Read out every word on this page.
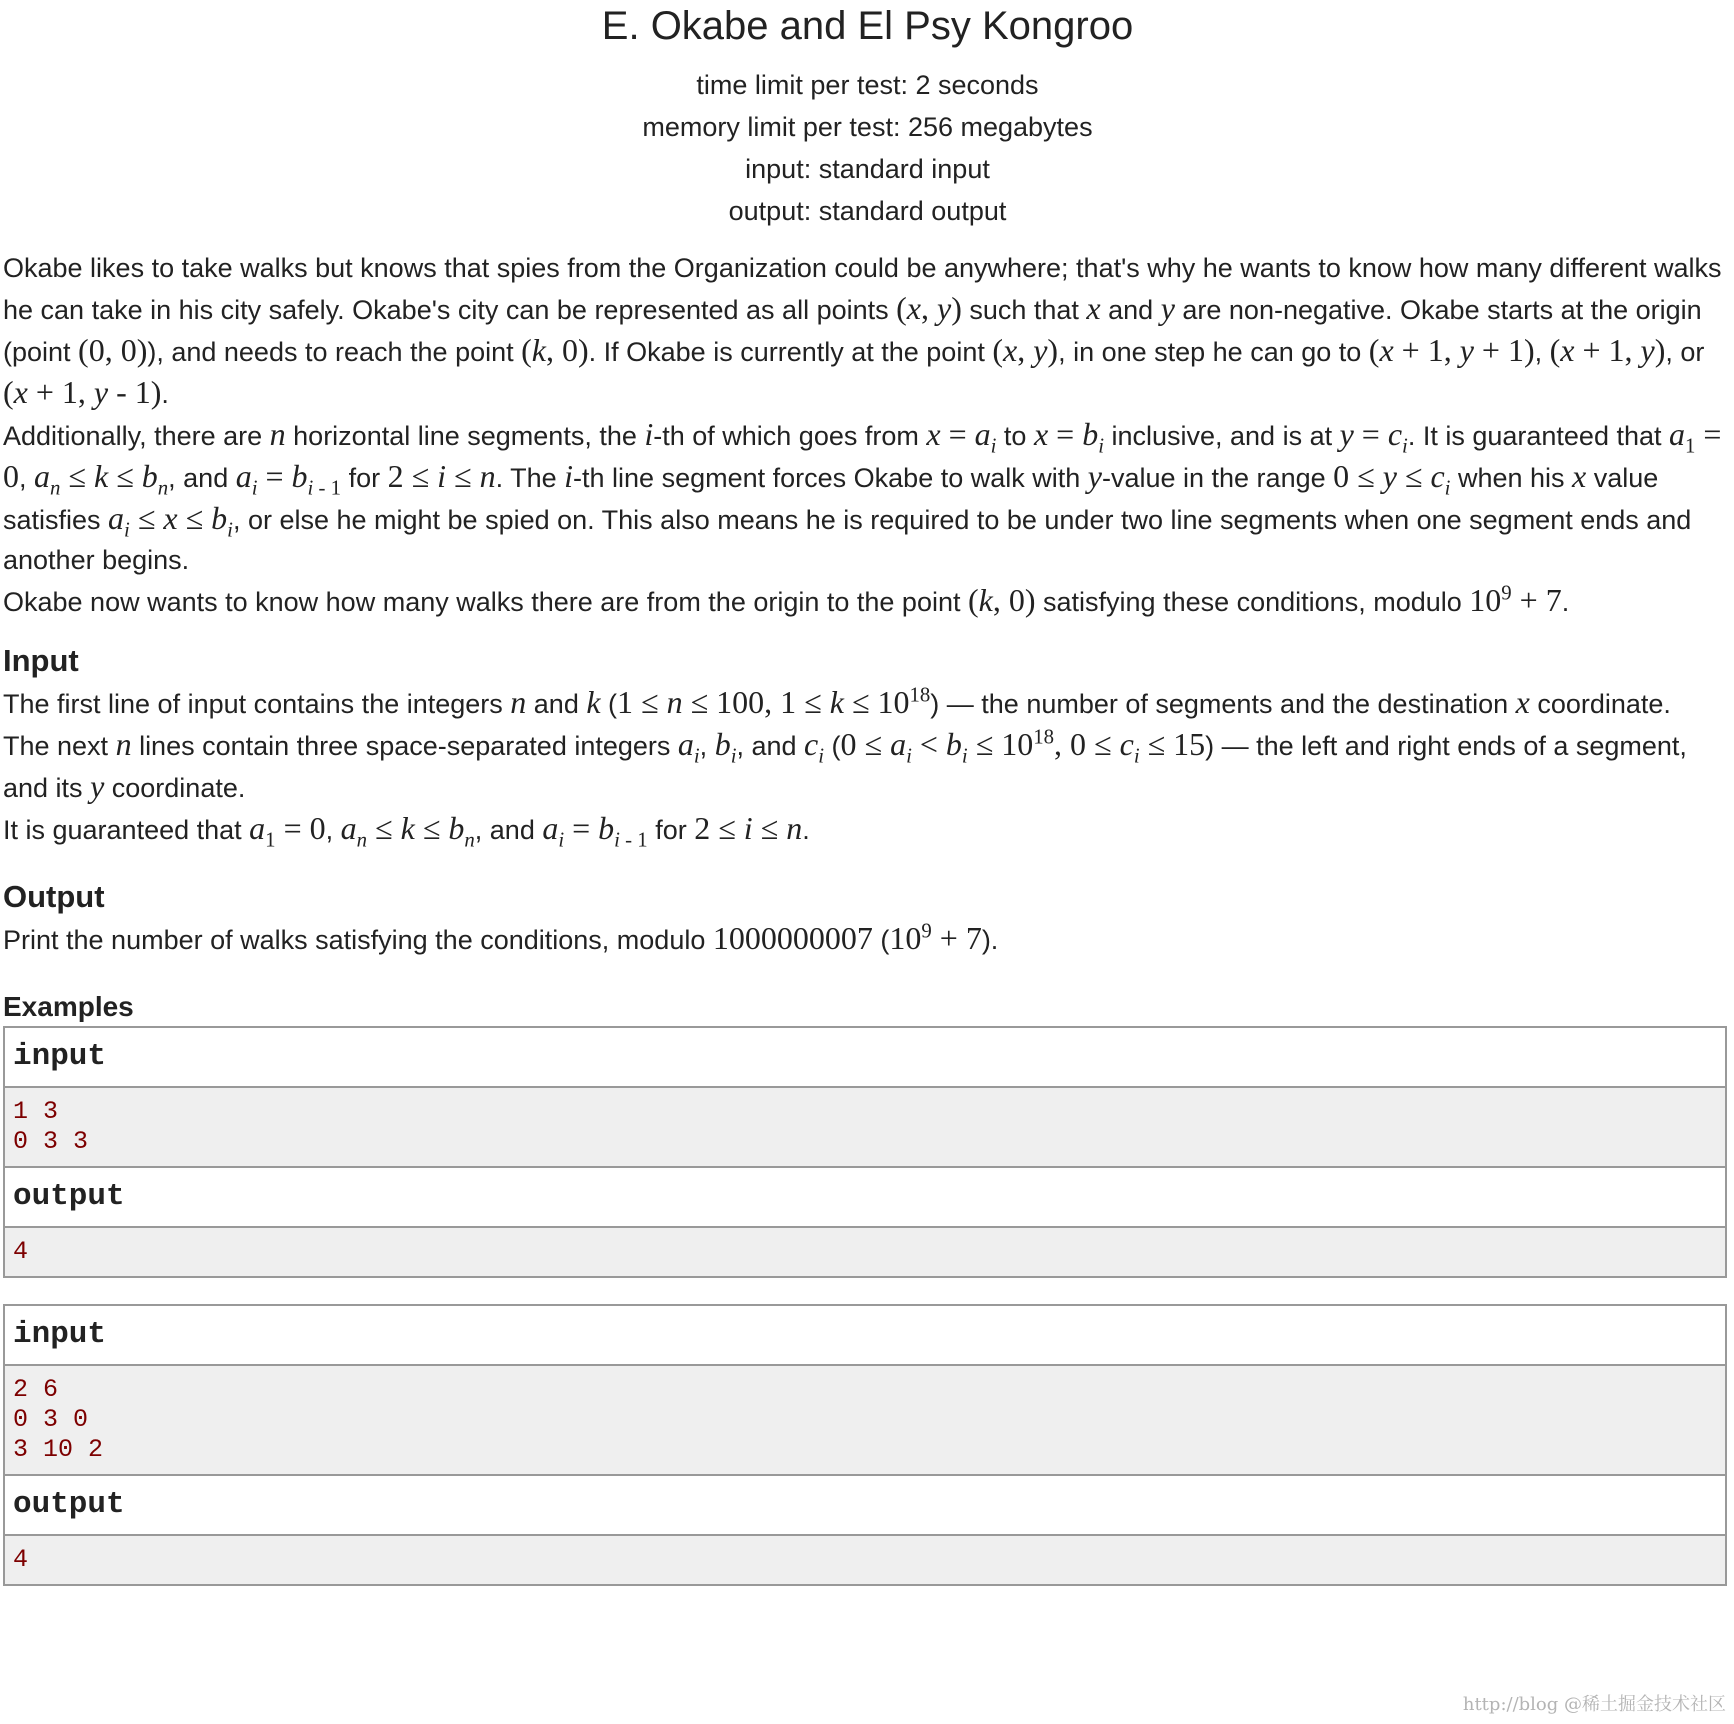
E. Okabe and El Psy Kongroo
time limit per test: 2 seconds
memory limit per test: 256 megabytes
input: standard input
output: standard output

Okabe likes to take walks but knows that spies from the Organization could be anywhere; that's why he wants to know how many different walks he can take in his city safely. Okabe's city can be represented as all points (x, y) such that x and y are non-negative. Okabe starts at the origin (point (0, 0)), and needs to reach the point (k, 0). If Okabe is currently at the point (x, y), in one step he can go to (x + 1, y + 1), (x + 1, y), or (x + 1, y - 1).

Additionally, there are n horizontal line segments, the i-th of which goes from $x = a_i$ to $x = b_i$ inclusive, and is at $y = c_i$. It is guaranteed that $a_1 = 0$, $a_n \le k \le b_n$, and $a_i = b_{i - 1}$ for 2 ≤ i ≤ n. The i-th line segment forces Okabe to walk with y-value in the range $0 \le y \le c_i$ when his x value satisfies $a_i \le x \le b_i$, or else he might be spied on. This also means he is required to be under two line segments when one segment ends and another begins.

Okabe now wants to know how many walks there are from the origin to the point (k, 0) satisfying these conditions, modulo $10^9 + 7$.

Input

The first line of input contains the integers n and k (1 ≤ n ≤ 100, $1 \le k \le 10^{18}$) — the number of segments and the destination x coordinate.

The next n lines contain three space-separated integers $a_i$, $b_i$, and $c_i$ ($0 \le a_i < b_i \le 10^{18}$, $0 \le c_i \le 15$) — the left and right ends of a segment, and its y coordinate.

It is guaranteed that $a_1 = 0$, $a_n \le k \le b_n$, and $a_i = b_{i - 1}$ for 2 ≤ i ≤ n.

Output

Print the number of walks satisfying the conditions, modulo 1000000007 $(10^9 + 7)$.

Examples
input
1 3
0 3 3
output
4
input
2 6
0 3 0
3 10 2
output
4
http://blog @稀土掘金技术社区
